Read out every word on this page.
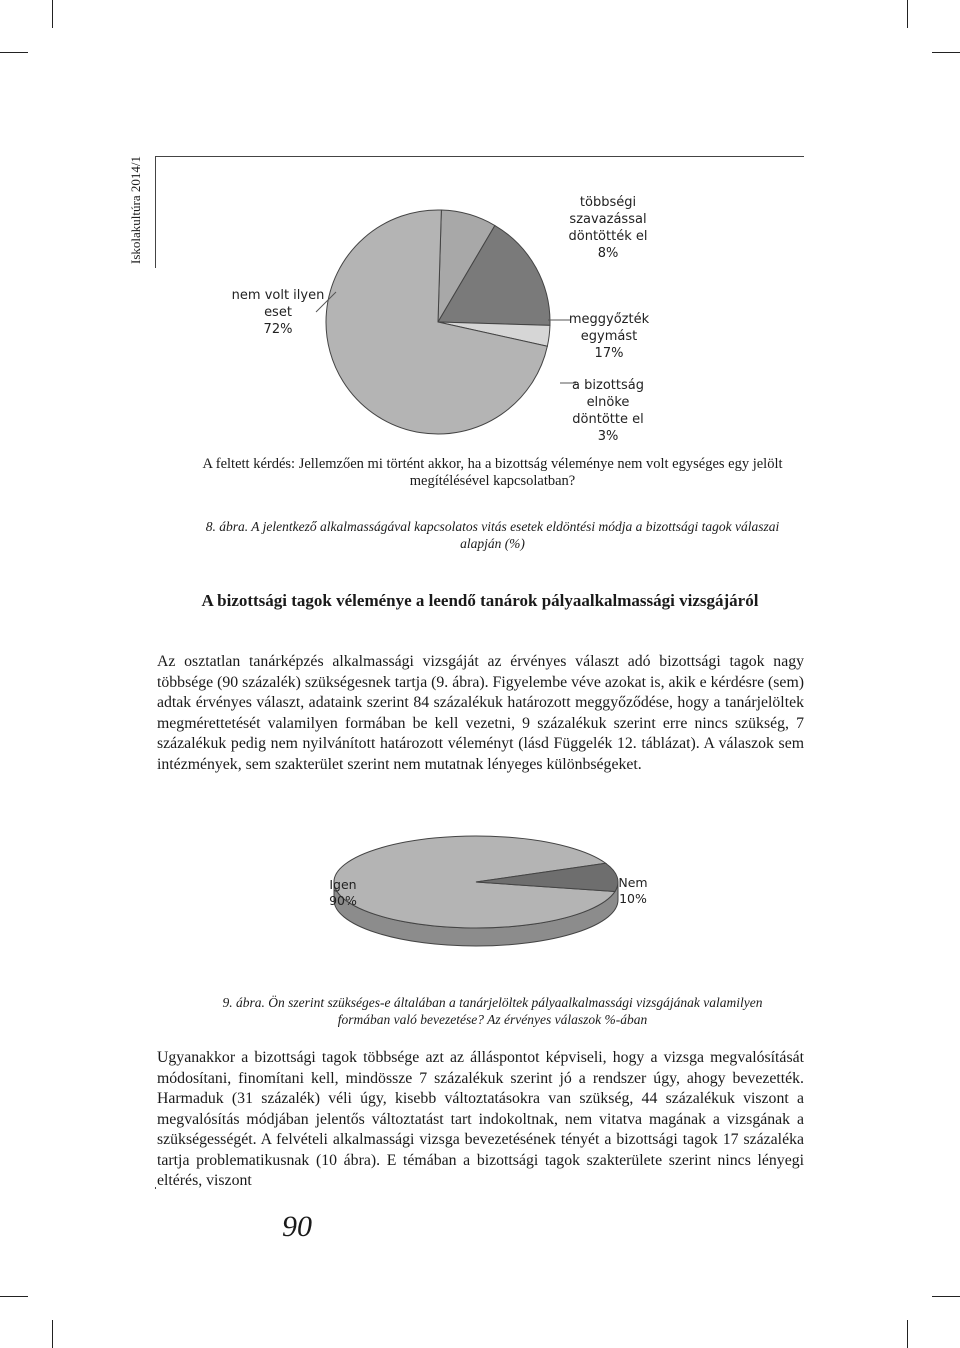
Iskolakultúra 2014/1
nem volt ilyen eset 72%
többségi szavazással döntötték el 8%
meggyőzték egymást 17%
a bizottság elnöke döntötte el 3%
A feltett kérdés: Jellemzően mi történt akkor, ha a bizottság véleménye nem volt egységes egy jelölt megítélésével kapcsolatban?
8. ábra. A jelentkező alkalmasságával kapcsolatos vitás esetek eldöntési módja a bizottsági tagok válaszai alapján (%)
A bizottsági tagok véleménye a leendő tanárok pályaalkalmassági vizsgájáról
Az osztatlan tanárképzés alkalmassági vizsgáját az érvényes választ adó bizottsági tagok nagy többsége (90 százalék) szükségesnek tartja (9. ábra). Figyelembe véve azokat is, akik e kérdésre (sem) adtak érvényes választ, adataink szerint 84 százalékuk határozott meggyőződése, hogy a tanárjelöltek megmérettetését valamilyen formában be kell vezetni, 9 százalékuk szerint erre nincs szükség, 7 százalékuk pedig nem nyilvánított határozott véleményt (lásd Függelék 12. táblázat). A válaszok sem intézmények, sem szakterület szerint nem mutatnak lényeges különbségeket.
Igen 90%
Nem 10%
9. ábra. Ön szerint szükséges-e általában a tanárjelöltek pályaalkalmassági vizsgájának valamilyen formában való bevezetése? Az érvényes válaszok %-ában
Ugyanakkor a bizottsági tagok többsége azt az álláspontot képviseli, hogy a vizsga megvalósítását módosítani, finomítani kell, mindössze 7 százalékuk szerint jó a rendszer úgy, ahogy bevezették. Harmaduk (31 százalék) véli úgy, kisebb változtatásokra van szükség, 44 százalékuk viszont a megvalósítás módjában jelentős változtatást tart indokoltnak, nem vitatva magának a vizsgának a szükségességét. A felvételi alkalmassági vizsga bevezetésének tényét a bizottsági tagok 17 százaléka tartja problematikusnak (10 ábra). E témában a bizottsági tagok szakterülete szerint nincs lényegi eltérés, viszont
90
